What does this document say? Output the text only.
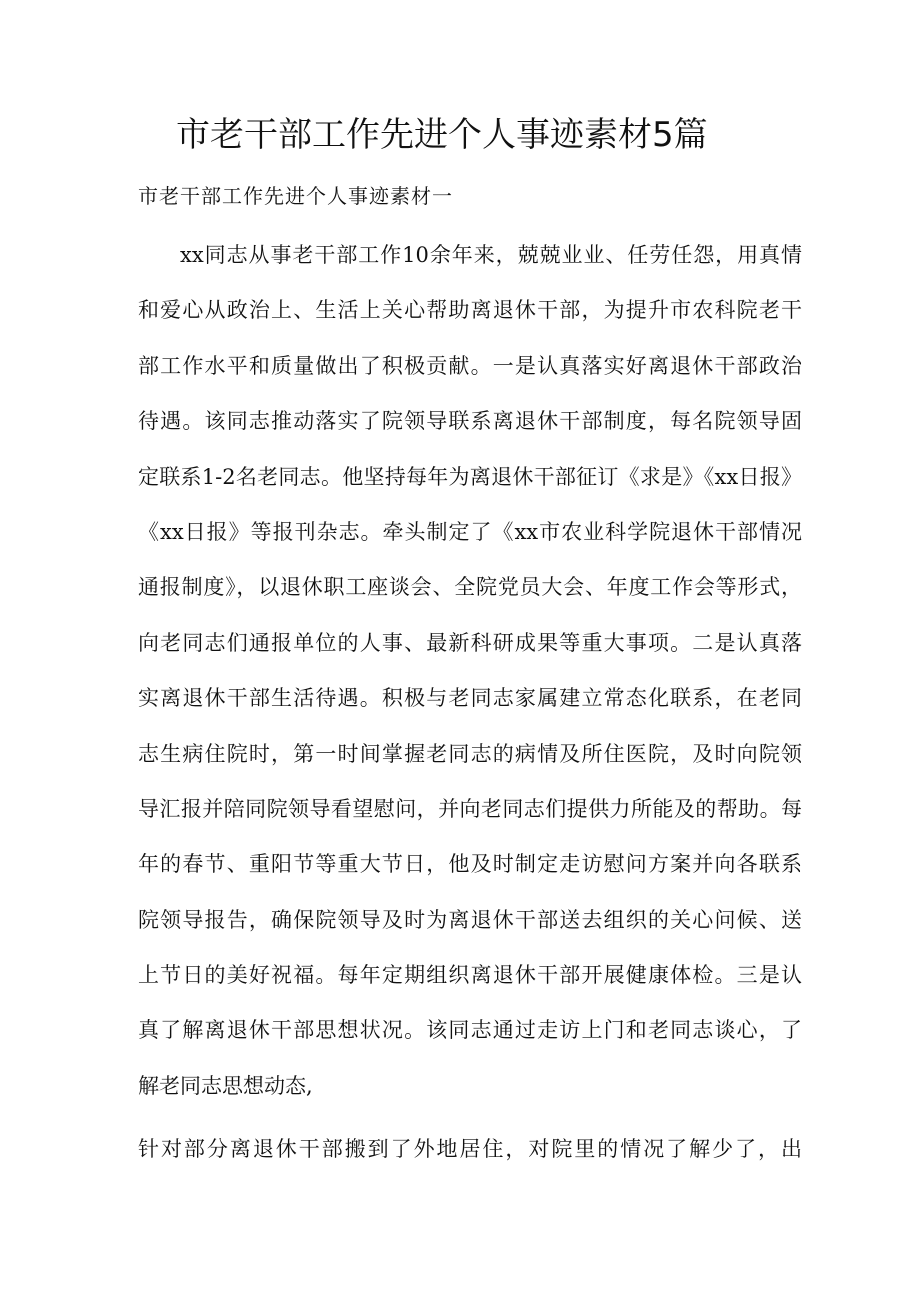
市老干部工作先进个人事迹素材5篇
市老干部工作先进个人事迹素材一
xx同志从事老干部工作10余年来，兢兢业业、任劳任怨，用真情
和爱心从政治上、生活上关心帮助离退休干部，为提升市农科院老干
部工作水平和质量做出了积极贡献。一是认真落实好离退休干部政治
待遇。该同志推动落实了院领导联系离退休干部制度，每名院领导固
定联系1-2名老同志。他坚持每年为离退休干部征订《求是》《xx日报》
《xx日报》等报刊杂志。牵头制定了《xx市农业科学院退休干部情况
通报制度》，以退休职工座谈会、全院党员大会、年度工作会等形式，
向老同志们通报单位的人事、最新科研成果等重大事项。二是认真落
实离退休干部生活待遇。积极与老同志家属建立常态化联系，在老同
志生病住院时，第一时间掌握老同志的病情及所住医院，及时向院领
导汇报并陪同院领导看望慰问，并向老同志们提供力所能及的帮助。每
年的春节、重阳节等重大节日，他及时制定走访慰问方案并向各联系
院领导报告，确保院领导及时为离退休干部送去组织的关心问候、送
上节日的美好祝福。每年定期组织离退休干部开展健康体检。三是认
真了解离退休干部思想状况。该同志通过走访上门和老同志谈心，了
解老同志思想动态,
针对部分离退休干部搬到了外地居住，对院里的情况了解少了，出
